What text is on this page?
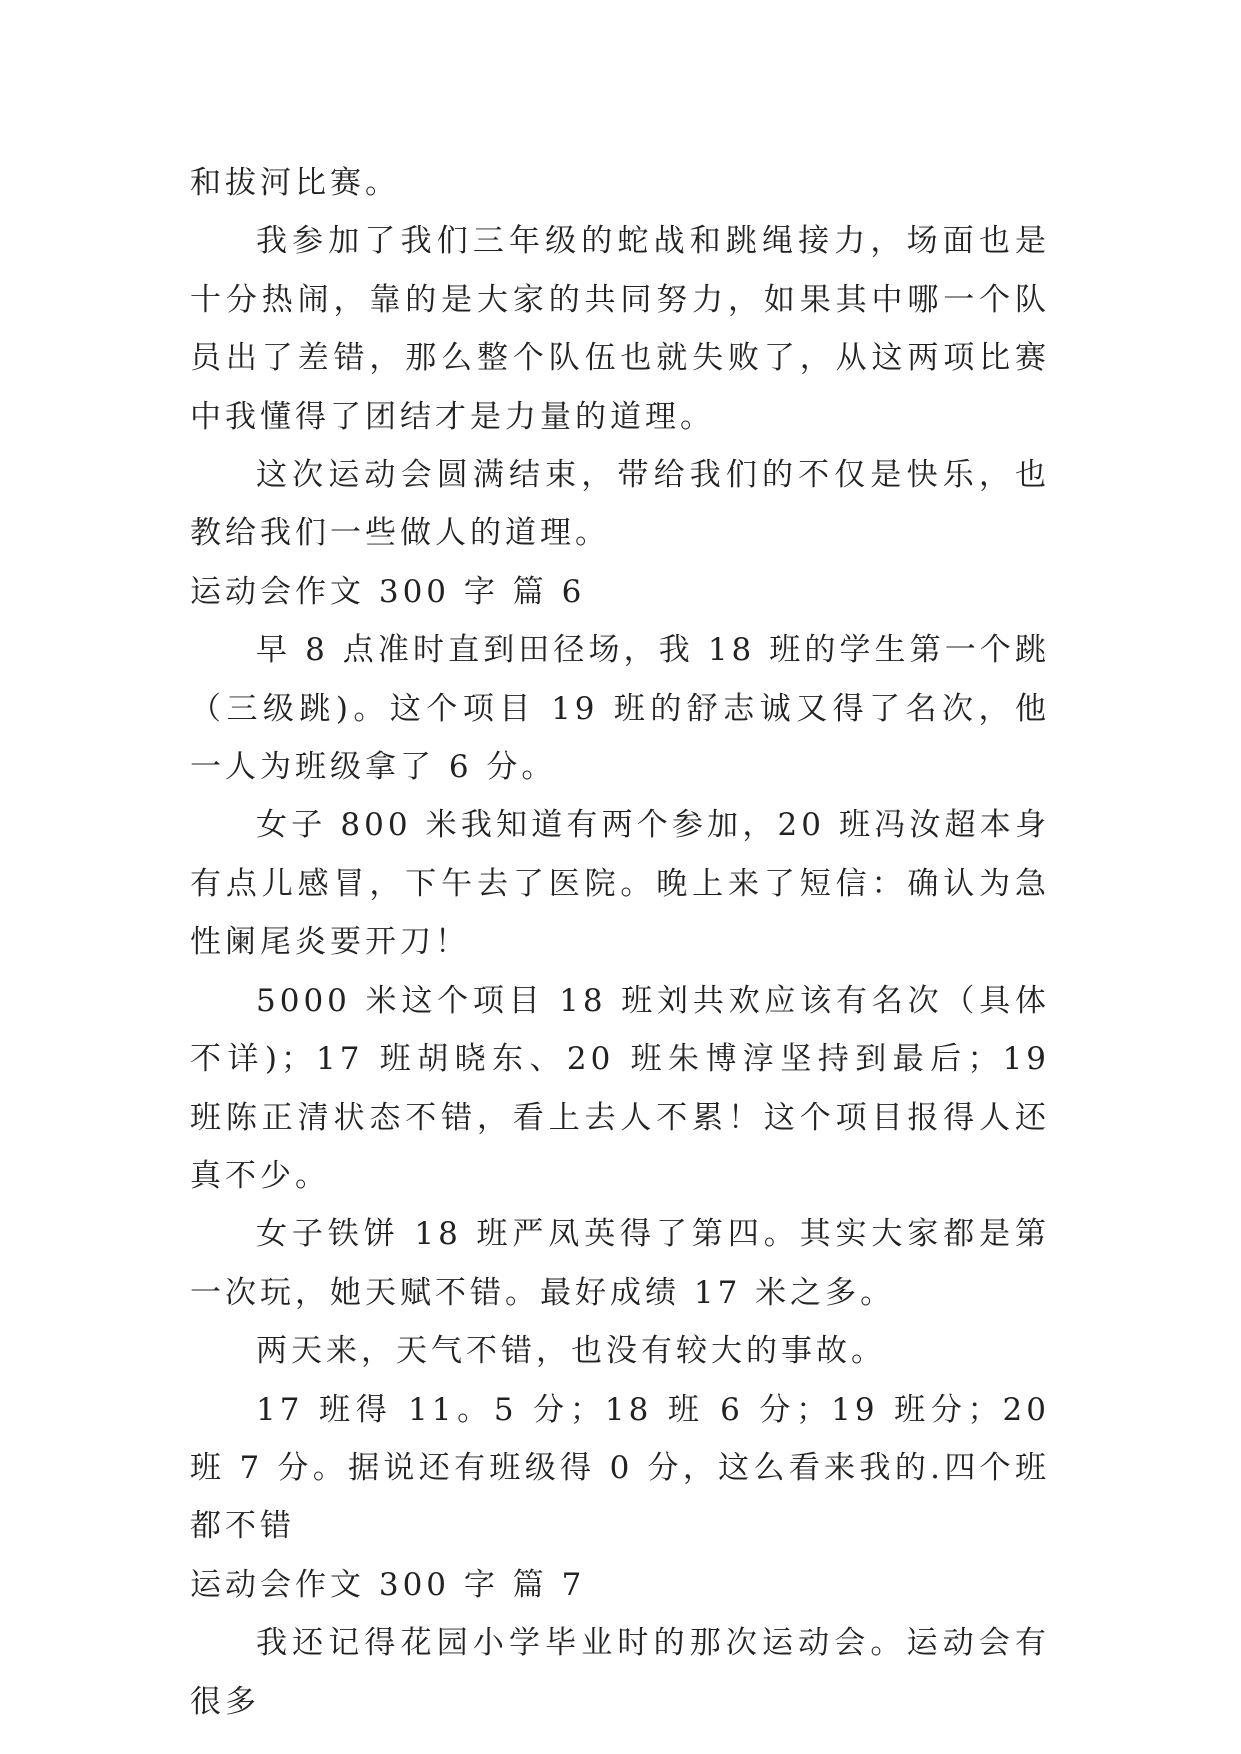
和拔河比赛。

我参加了我们三年级的蛇战和跳绳接力，场面也是十分热闹，靠的是大家的共同努力，如果其中哪一个队员出了差错，那么整个队伍也就失败了，从这两项比赛中我懂得了团结才是力量的道理。

这次运动会圆满结束，带给我们的不仅是快乐，也教给我们一些做人的道理。

运动会作文 300 字 篇 6

早 8 点准时直到田径场，我 18 班的学生第一个跳（三级跳)。这个项目 19 班的舒志诚又得了名次，他一人为班级拿了 6 分。

女子 800 米我知道有两个参加，20 班冯汝超本身有点儿感冒，下午去了医院。晚上来了短信：确认为急性阑尾炎要开刀！

5000 米这个项目 18 班刘共欢应该有名次（具体不详)；17 班胡晓东、20 班朱博淳坚持到最后；19 班陈正清状态不错，看上去人不累！这个项目报得人还真不少。

女子铁饼 18 班严凤英得了第四。其实大家都是第一次玩，她天赋不错。最好成绩 17 米之多。

两天来，天气不错，也没有较大的事故。

17 班得 11。5 分；18 班 6 分；19 班分；20 班 7 分。据说还有班级得 0 分，这么看来我的.四个班都不错

运动会作文 300 字 篇 7

我还记得花园小学毕业时的那次运动会。运动会有很多
